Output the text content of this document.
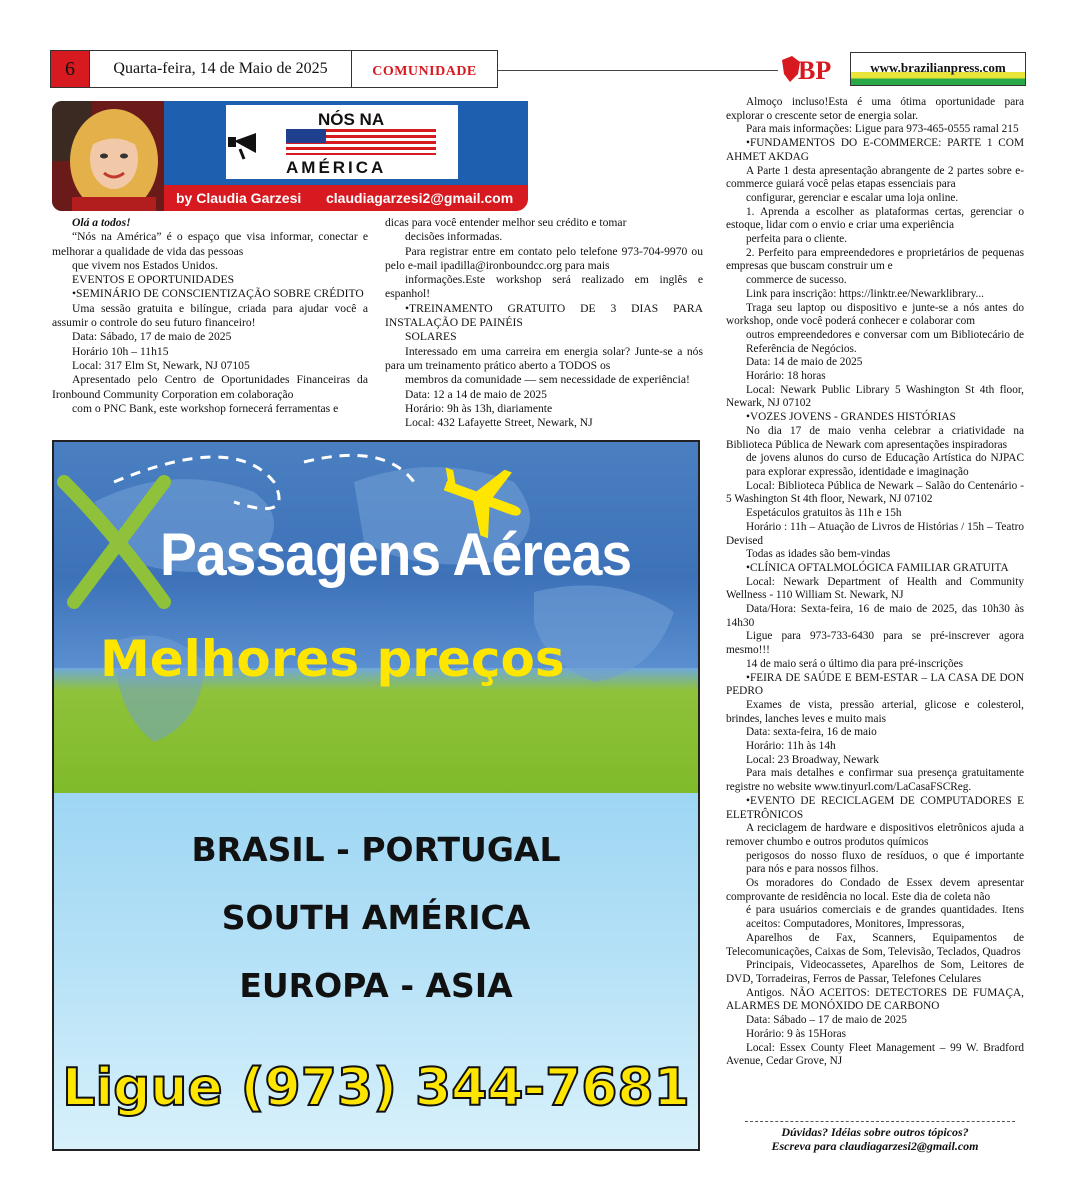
6	Quarta-feira, 14 de Maio de 2025	COMUNIDADE	BP	www.brazilianpress.com
NÓS NA
AMÉRICA
by Claudia Garzesi	claudiagarzesi2@gmail.com

Olá a todos!

“Nós na América” é o espaço que visa informar, conectar e melhorar a qualidade de vida das pessoas

que vivem nos Estados Unidos.

EVENTOS E OPORTUNIDADES

•SEMINÁRIO DE CONSCIENTIZAÇÃO SOBRE CRÉDITO

Uma sessão gratuita e bilíngue, criada para ajudar você a assumir o controle do seu futuro financeiro!

Data: Sábado, 17 de maio de 2025

Horário 10h – 11h15

Local: 317 Elm St, Newark, NJ 07105

Apresentado pelo Centro de Oportunidades Financeiras da Ironbound Community Corporation em colaboração

com o PNC Bank, este workshop fornecerá ferramentas e

dicas para você entender melhor seu crédito e tomar

decisões informadas.

Para registrar entre em contato pelo telefone 973-704-9970 ou pelo e-mail ipadilla@ironboundcc.org para mais

informações.Este workshop será realizado em inglês e espanhol!

•TREINAMENTO GRATUITO DE 3 DIAS PARA INSTALAÇÃO DE PAINÉIS

SOLARES

Interessado em uma carreira em energia solar? Junte-se a nós para um treinamento prático aberto a TODOS os

membros da comunidade — sem necessidade de experiência!

Data: 12 a 14 de maio de 2025

Horário: 9h às 13h, diariamente

Local: 432 Lafayette Street, Newark, NJ

Almoço incluso!Esta é uma ótima oportunidade para explorar o crescente setor de energia solar.

Para mais informações: Ligue para 973-465-0555 ramal 215

•FUNDAMENTOS DO E-COMMERCE: PARTE 1 COM AHMET AKDAG

A Parte 1 desta apresentação abrangente de 2 partes sobre e-commerce guiará você pelas etapas essenciais para

configurar, gerenciar e escalar uma loja online.

1. Aprenda a escolher as plataformas certas, gerenciar o estoque, lidar com o envio e criar uma experiência

perfeita para o cliente.

2. Perfeito para empreendedores e proprietários de pequenas empresas que buscam construir um e

commerce de sucesso.

Link para inscrição: https://linktr.ee/Newarklibrary...

Traga seu laptop ou dispositivo e junte-se a nós antes do workshop, onde você poderá conhecer e colaborar com

outros empreendedores e conversar com um Bibliotecário de Referência de Negócios.

Data: 14 de maio de 2025

Horário: 18 horas

Local: Newark Public Library 5 Washington St 4th floor, Newark, NJ 07102

•VOZES JOVENS - GRANDES HISTÓRIAS

No dia 17 de maio venha celebrar a criatividade na Biblioteca Pública de Newark com apresentações inspiradoras

de jovens alunos do curso de Educação Artística do NJPAC para explorar expressão, identidade e imaginação

Local: Biblioteca Pública de Newark – Salão do Centenário - 5 Washington St 4th floor, Newark, NJ 07102

Espetáculos gratuitos às 11h e 15h

Horário : 11h – Atuação de Livros de Histórias / 15h – Teatro Devised

Todas as idades são bem-vindas

•CLÍNICA OFTALMOLÓGICA FAMILIAR GRATUITA

Local: Newark Department of Health and Community Wellness - 110 William St. Newark, NJ

Data/Hora: Sexta-feira, 16 de maio de 2025, das 10h30 às 14h30

Ligue para 973-733-6430 para se pré-inscrever agora mesmo!!!

14 de maio será o último dia para pré-inscrições

•FEIRA DE SAÚDE E BEM-ESTAR – LA CASA DE DON PEDRO

Exames de vista, pressão arterial, glicose e colesterol, brindes, lanches leves e muito mais

Data: sexta-feira, 16 de maio

Horário: 11h às 14h

Local: 23 Broadway, Newark

Para mais detalhes e confirmar sua presença gratuitamente registre no website www.tinyurl.com/LaCasaFSCReg.

•EVENTO DE RECICLAGEM DE COMPUTADORES E ELETRÔNICOS

A reciclagem de hardware e dispositivos eletrônicos ajuda a remover chumbo e outros produtos químicos

perigosos do nosso fluxo de resíduos, o que é importante para nós e para nossos filhos.

Os moradores do Condado de Essex devem apresentar comprovante de residência no local. Este dia de coleta não

é para usuários comerciais e de grandes quantidades. Itens aceitos: Computadores, Monitores, Impressoras,

Aparelhos de Fax, Scanners, Equipamentos de Telecomunicações, Caixas de Som, Televisão, Teclados, Quadros

Principais, Videocassetes, Aparelhos de Som, Leitores de DVD, Torradeiras, Ferros de Passar, Telefones Celulares

Antigos. NÃO ACEITOS: DETECTORES DE FUMAÇA, ALARMES DE MONÓXIDO DE CARBONO

Data: Sábado – 17 de maio de 2025

Horário: 9 às 15Horas

Local: Essex County Fleet Management – 99 W. Bradford Avenue, Cedar Grove, NJ

Dúvidas? Idéias sobre outros tópicos?
Escreva para claudiagarzesi2@gmail.com
Passagens Aéreas
Melhores preços
BRASIL - PORTUGAL
SOUTH AMÉRICA
EUROPA - ASIA
Ligue (973) 344-7681
